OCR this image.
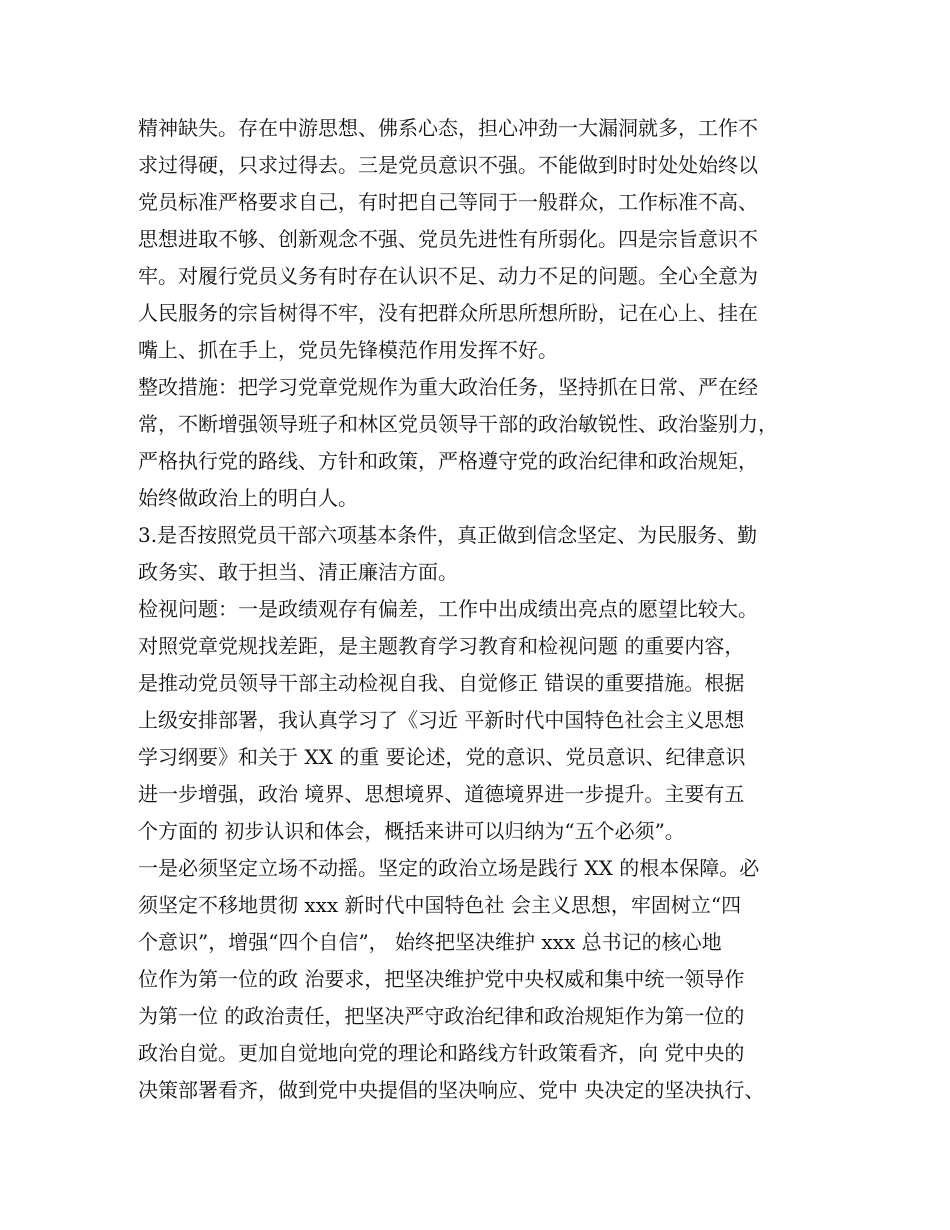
精神缺失。存在中游思想、佛系心态，担心冲劲一大漏洞就多，工作不
求过得硬，只求过得去。三是党员意识不强。不能做到时时处处始终以
党员标准严格要求自己，有时把自己等同于一般群众，工作标准不高、
思想进取不够、创新观念不强、党员先进性有所弱化。四是宗旨意识不
牢。对履行党员义务有时存在认识不足、动力不足的问题。全心全意为
人民服务的宗旨树得不牢，没有把群众所思所想所盼，记在心上、挂在
嘴上、抓在手上，党员先锋模范作用发挥不好。
整改措施：把学习党章党规作为重大政治任务，坚持抓在日常、严在经
常，不断增强领导班子和林区党员领导干部的政治敏锐性、政治鉴别力，
严格执行党的路线、方针和政策，严格遵守党的政治纪律和政治规矩，
始终做政治上的明白人。
3.是否按照党员干部六项基本条件，真正做到信念坚定、为民服务、勤
政务实、敢于担当、清正廉洁方面。
检视问题：一是政绩观存有偏差，工作中出成绩出亮点的愿望比较大。
对照党章党规找差距，是主题教育学习教育和检视问题 的重要内容，
是推动党员领导干部主动检视自我、自觉修正 错误的重要措施。根据
上级安排部署，我认真学习了《习近 平新时代中国特色社会主义思想
学习纲要》和关于 XX 的重 要论述，党的意识、党员意识、纪律意识
进一步增强，政治 境界、思想境界、道德境界进一步提升。主要有五
个方面的 初步认识和体会，概括来讲可以归纳为“五个必须”。
一是必须坚定立场不动摇。坚定的政治立场是践行 XX 的根本保障。必
须坚定不移地贯彻 xxx 新时代中国特色社 会主义思想，牢固树立“四
个意识”，增强“四个自信”， 始终把坚决维护 xxx 总书记的核心地
位作为第一位的政 治要求，把坚决维护党中央权威和集中统一领导作
为第一位 的政治责任，把坚决严守政治纪律和政治规矩作为第一位的
政治自觉。更加自觉地向党的理论和路线方针政策看齐，向 党中央的
决策部署看齐，做到党中央提倡的坚决响应、党中 央决定的坚决执行、
